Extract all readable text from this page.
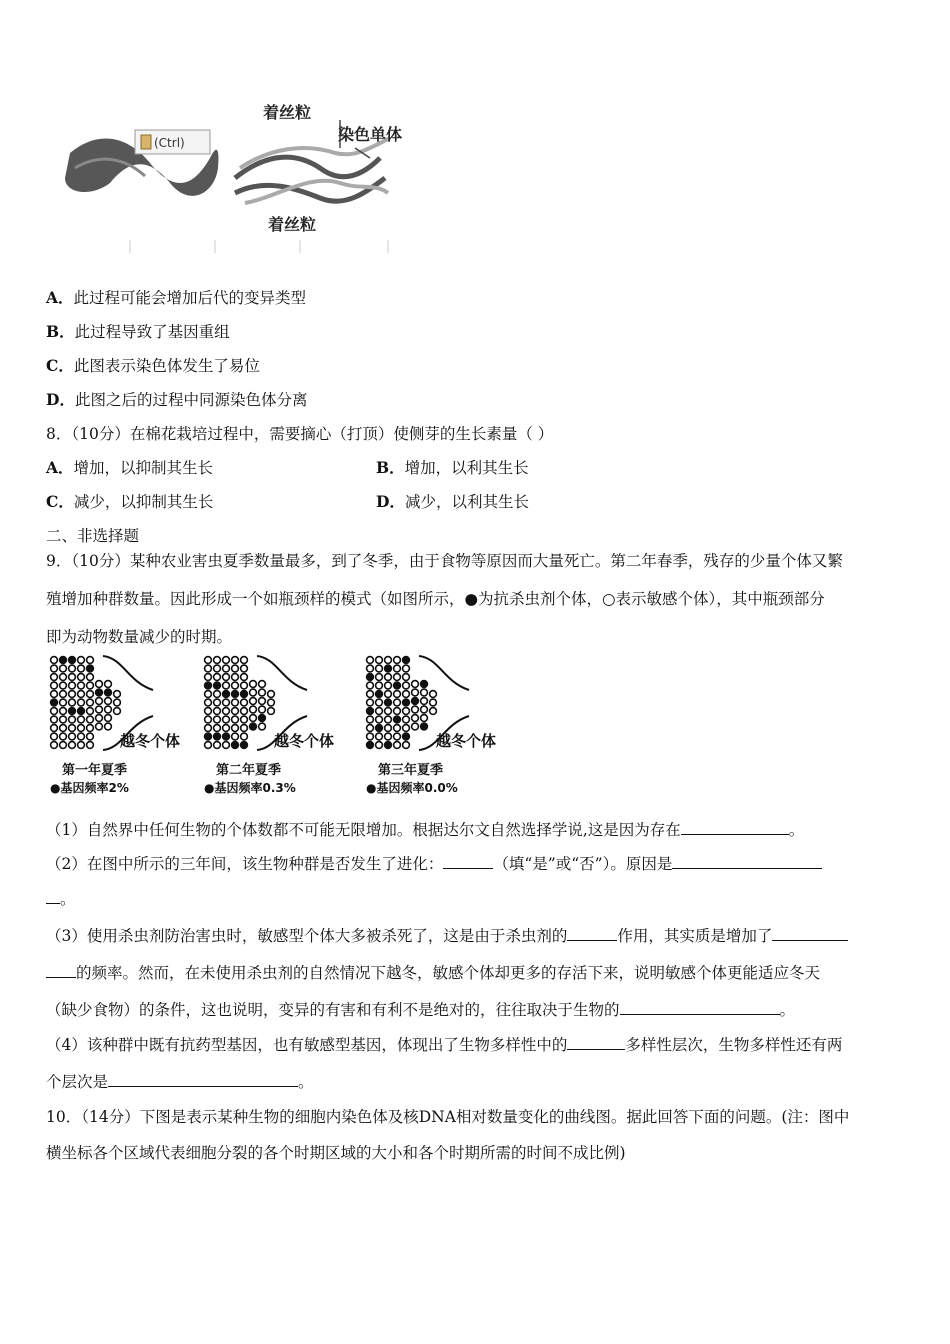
(Ctrl)
着丝粒
染色单体
着丝粒
A．此过程可能会增加后代的变异类型
B．此过程导致了基因重组
C．此图表示染色体发生了易位
D．此图之后的过程中同源染色体分离
8．（10分）在棉花栽培过程中，需要摘心（打顶）使侧芽的生长素量（ ）
A．增加，以抑制其生长	B．增加，以利其生长
C．减少，以抑制其生长	D．减少，以利其生长
二、非选择题
9．（10分）某种农业害虫夏季数量最多，到了冬季，由于食物等原因而大量死亡。第二年春季，残存的少量个体又繁
殖增加种群数量。因此形成一个如瓶颈样的模式（如图所示，●为抗杀虫剂个体，○表示敏感个体），其中瓶颈部分
即为动物数量减少的时期。
越冬个体
第一年夏季
●基因频率2%
越冬个体
第二年夏季
●基因频率0.3%
越冬个体
第三年夏季
●基因频率0.0%
（1）自然界中任何生物的个体数都不可能无限增加。根据达尔文自然选择学说,这是因为存在	。
（2）在图中所示的三年间，该生物种群是否发生了进化：	（填“是”或“否”）。原因是
。
（3）使用杀虫剂防治害虫时，敏感型个体大多被杀死了，这是由于杀虫剂的	作用，其实质是增加了
的频率。然而，在未使用杀虫剂的自然情况下越冬，敏感个体却更多的存活下来，说明敏感个体更能适应冬天
（缺少食物）的条件，这也说明，变异的有害和有利不是绝对的，往往取决于生物的	。
（4）该种群中既有抗药型基因，也有敏感型基因，体现出了生物多样性中的	多样性层次，生物多样性还有两
个层次是	。
10．（14分）下图是表示某种生物的细胞内染色体及核DNA相对数量变化的曲线图。据此回答下面的问题。(注：图中
横坐标各个区域代表细胞分裂的各个时期区域的大小和各个时期所需的时间不成比例)
